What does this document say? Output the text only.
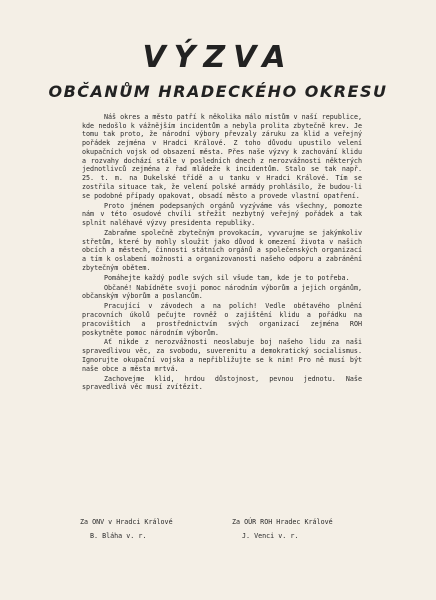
VÝZVA
OBČANŮM HRADECKÉHO OKRESU

Náš okres a město patří k několika málo místům v naší republice, kde nedošlo k vážnějším incidentům a nebyla prolita zbytečně krev. Je tomu tak proto, že národní výbory převzaly záruku za klid a veřejný pořádek zejména v Hradci Králové. Z toho důvodu upustilo velení okupačních vojsk od obsazení města. Přes naše výzvy k zachování klidu a rozvahy dochází stále v posledních dnech z nerozvážnosti některých jednotlivců zejména z řad mládeže k incidentům. Stalo se tak např. 25. t. m. na Dukelské třídě a u tanku v Hradci Králové. Tím se zostřila situace tak, že velení polské armády prohlásilo, že budou-li se podobné případy opakovat, obsadí město a provede vlastní opatření.

Proto jménem podepsaných orgánů vyzýváme vás všechny, pomozte nám v této osudové chvíli střežit nezbytný veřejný pořádek a tak splnit naléhavé výzvy presidenta republiky.

Zabraňme společně zbytečným provokacím, vyvarujme se jakýmkoliv střetům, které by mohly sloužit jako důvod k omezení života v našich obcích a městech, činnosti státních orgánů a společenských organizací a tím k oslabení možnosti a organizovanosti našeho odporu a zabránění zbytečným obětem.

Pomáhejte každý podle svých sil všude tam, kde je to potřeba.

Občané! Nabídněte svoji pomoc národním výborům a jejich orgánům, občanským výborům a poslancům.

Pracující v závodech a na polích! Vedle obětavého plnění pracovních úkolů pečujte rovněž o zajištění klidu a pořádku na pracovištích a prostřednictvím svých organizací zejména ROH poskytněte pomoc národním výborům.

Ať nikde z nerozvážnosti neoslabuje boj našeho lidu za naši spravedlivou věc, za svobodu, suverenitu a demokratický socialismus. Ignorujte okupační vojska a nepřibližujte se k nim! Pro ně musí být naše obce a města mrtvá.

Zachovejme klid, hrdou důstojnost, pevnou jednotu. Naše spravedlivá věc musí zvítězit.

Za ONV v Hradci Králové
B. Bláha v. r.
Za OÚR ROH Hradec Králové
J. Venci v. r.
